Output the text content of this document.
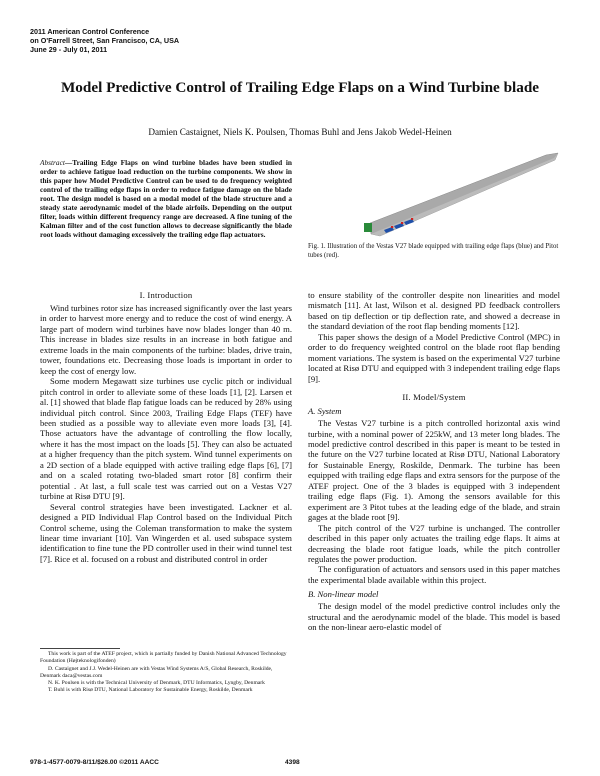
2011 American Control Conference
on O'Farrell Street, San Francisco, CA, USA
June 29 - July 01, 2011
Model Predictive Control of Trailing Edge Flaps on a Wind Turbine blade
Damien Castaignet, Niels K. Poulsen, Thomas Buhl and Jens Jakob Wedel-Heinen
Abstract—Trailing Edge Flaps on wind turbine blades have been studied in order to achieve fatigue load reduction on the turbine components. We show in this paper how Model Predictive Control can be used to do frequency weighted control of the trailing edge flaps in order to reduce fatigue damage on the blade root. The design model is based on a modal model of the blade structure and a steady state aerodynamic model of the blade airfoils. Depending on the output filter, loads within different frequency range are decreased. A fine tuning of the Kalman filter and of the cost function allows to decrease significantly the blade root loads without damaging excessively the trailing edge flap actuators.
Fig. 1. Illustration of the Vestas V27 blade equipped with trailing edge flaps (blue) and Pitot tubes (red).
I. Introduction

Wind turbines rotor size has increased significantly over the last years in order to harvest more energy and to reduce the cost of wind energy. A large part of modern wind turbines have now blades longer than 40 m. This increase in blades size results in an increase in both fatigue and extreme loads in the main components of the turbine: blades, drive train, tower, foundations etc. Decreasing those loads is important in order to keep the cost of energy low.

Some modern Megawatt size turbines use cyclic pitch or individual pitch control in order to alleviate some of these loads [1], [2]. Larsen et al. [1] showed that blade flap fatigue loads can be reduced by 28% using individual pitch control. Since 2003, Trailing Edge Flaps (TEF) have been studied as a possible way to alleviate even more loads [3], [4]. Those actuators have the advantage of controlling the flow locally, where it has the most impact on the loads [5]. They can also be actuated at a higher frequency than the pitch system. Wind tunnel experiments on a 2D section of a blade equipped with active trailing edge flaps [6], [7] and on a scaled rotating two-bladed smart rotor [8] confirm their potential . At last, a full scale test was carried out on a Vestas V27 turbine at Risø DTU [9].

Several control strategies have been investigated. Lackner et al. designed a PID Individual Flap Control based on the Individual Pitch Control scheme, using the Coleman transformation to make the system linear time invariant [10]. Van Wingerden et al. used subspace system identification to fine tune the PD controller used in their wind tunnel test [7]. Rice et al. focused on a robust and distributed control in order

to ensure stability of the controller despite non linearities and model mismatch [11]. At last, Wilson et al. designed PD feedback controllers based on tip deflection or tip deflection rate, and showed a decrease in the standard deviation of the root flap bending moments [12].

This paper shows the design of a Model Predictive Control (MPC) in order to do frequency weighted control on the blade root flap bending moment variations. The system is based on the experimental V27 turbine located at Risø DTU and equipped with 3 independent trailing edge flaps [9].

II. Model/System
A. System

The Vestas V27 turbine is a pitch controlled horizontal axis wind turbine, with a nominal power of 225kW, and 13 meter long blades. The model predictive control described in this paper is meant to be tested in the future on the V27 turbine located at Risø DTU, National Laboratory for Sustainable Energy, Roskilde, Denmark. The turbine has been equipped with trailing edge flaps and extra sensors for the purpose of the ATEF project. One of the 3 blades is equipped with 3 independent trailing edge flaps (Fig. 1). Among the sensors available for this experiment are 3 Pitot tubes at the leading edge of the blade, and strain gages at the blade root [9].

The pitch control of the V27 turbine is unchanged. The controller described in this paper only actuates the trailing edge flaps. It aims at decreasing the blade root fatigue loads, while the pitch controller regulates the power production.

The configuration of actuators and sensors used in this paper matches the experimental blade available within this project.

B. Non-linear model

The design model of the model predictive control includes only the structural and the aerodynamic model of the blade. This model is based on the non-linear aero-elastic model of

This work is part of the ATEF project, which is partially funded by Danish National Advanced Technology Foundation (Højteknologifonden)

D. Castaignet and J.J. Wedel-Heinen are with Vestas Wind Systems A/S, Global Research, Roskilde, Denmark daca@vestas.com

N. K. Poulsen is with the Technical University of Denmark, DTU Informatics, Lyngby, Denmark

T. Buhl is with Risø DTU, National Laboratory for Sustainable Energy, Roskilde, Denmark

978-1-4577-0079-8/11/$26.00 ©2011 AACC	4398
